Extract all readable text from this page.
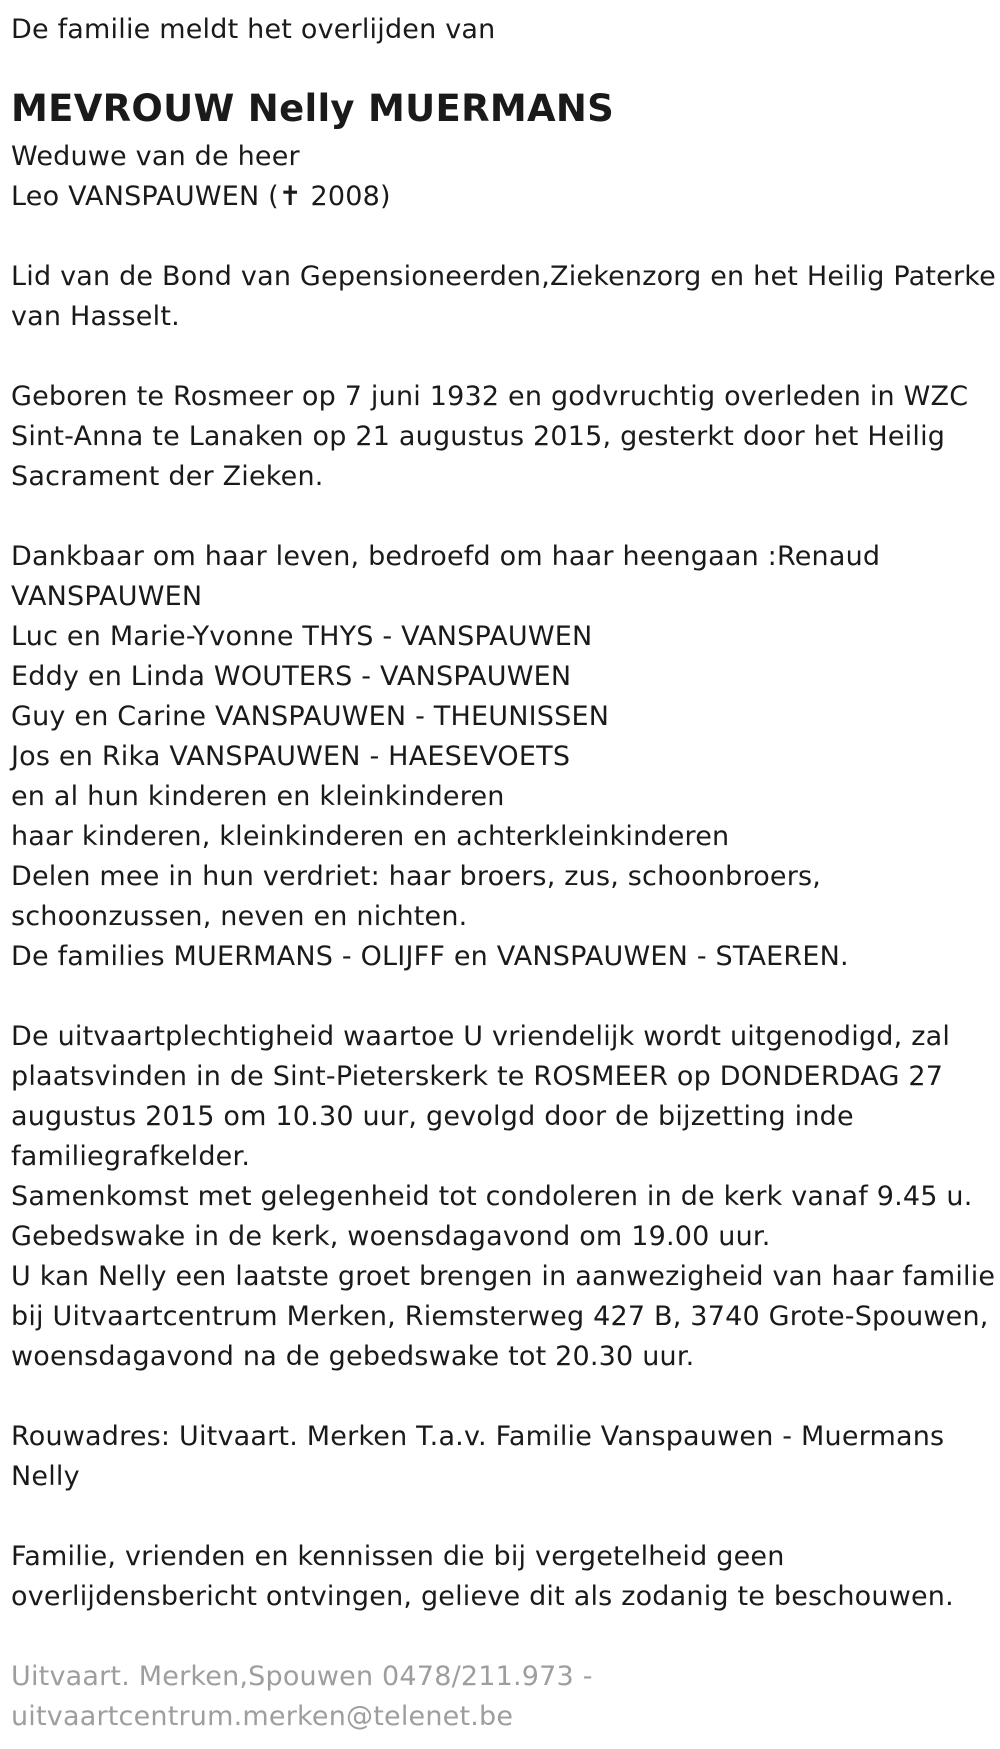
De familie meldt het overlijden van
MEVROUW Nelly MUERMANS
Weduwe van de heer
Leo VANSPAUWEN (✝ 2008)
Lid van de Bond van Gepensioneerden,Ziekenzorg en het Heilig Paterke
van Hasselt.
Geboren te Rosmeer op 7 juni 1932 en godvruchtig overleden in WZC
Sint-Anna te Lanaken op 21 augustus 2015, gesterkt door het Heilig
Sacrament der Zieken.
Dankbaar om haar leven, bedroefd om haar heengaan :Renaud
VANSPAUWEN
Luc en Marie-Yvonne THYS - VANSPAUWEN
Eddy en Linda WOUTERS - VANSPAUWEN
Guy en Carine VANSPAUWEN - THEUNISSEN
Jos en Rika VANSPAUWEN - HAESEVOETS
en al hun kinderen en kleinkinderen
haar kinderen, kleinkinderen en achterkleinkinderen
Delen mee in hun verdriet: haar broers, zus, schoonbroers,
schoonzussen, neven en nichten.
De families MUERMANS - OLIJFF en VANSPAUWEN - STAEREN.
De uitvaartplechtigheid waartoe U vriendelijk wordt uitgenodigd, zal
plaatsvinden in de Sint-Pieterskerk te ROSMEER op DONDERDAG 27
augustus 2015 om 10.30 uur, gevolgd door de bijzetting inde
familiegrafkelder.
Samenkomst met gelegenheid tot condoleren in de kerk vanaf 9.45 u.
Gebedswake in de kerk, woensdagavond om 19.00 uur.
U kan Nelly een laatste groet brengen in aanwezigheid van haar familie
bij Uitvaartcentrum Merken, Riemsterweg 427 B, 3740 Grote-Spouwen,
woensdagavond na de gebedswake tot 20.30 uur.
Rouwadres: Uitvaart. Merken T.a.v. Familie Vanspauwen - Muermans
Nelly
Familie, vrienden en kennissen die bij vergetelheid geen
overlijdensbericht ontvingen, gelieve dit als zodanig te beschouwen.
Uitvaart. Merken,Spouwen 0478/211.973 -
uitvaartcentrum.merken@telenet.be
